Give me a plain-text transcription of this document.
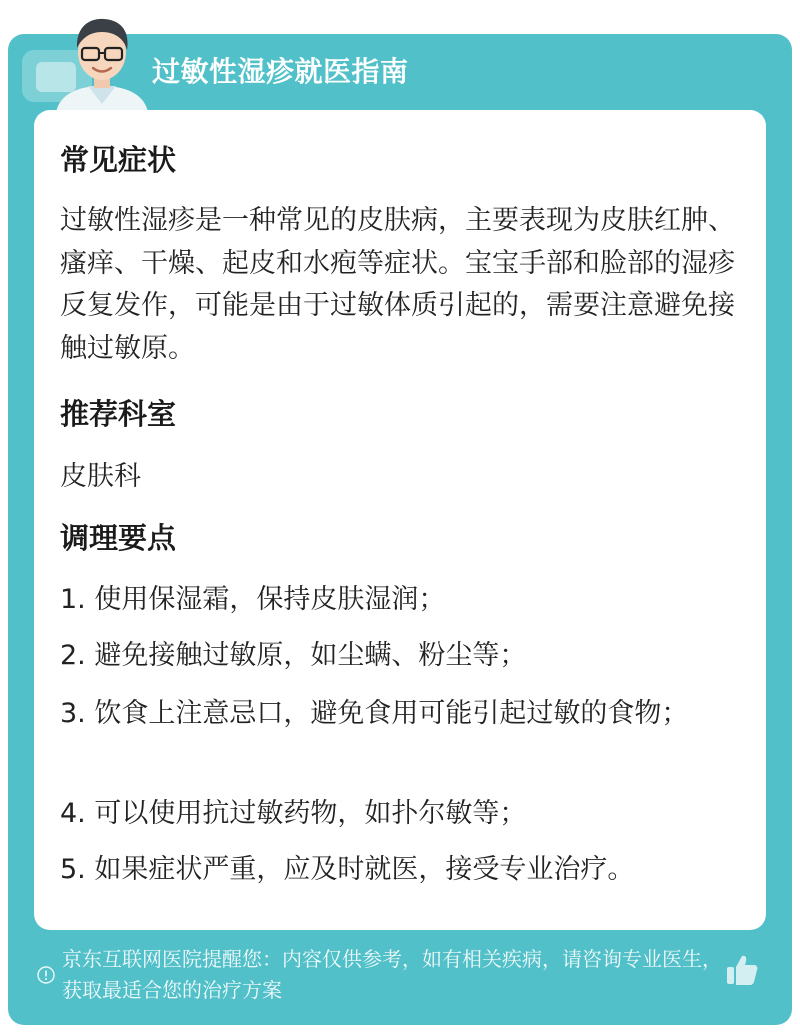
过敏性湿疹就医指南
常见症状
过敏性湿疹是一种常见的皮肤病，主要表现为皮肤红肿、瘙痒、干燥、起皮和水疱等症状。宝宝手部和脸部的湿疹反复发作，可能是由于过敏体质引起的，需要注意避免接触过敏原。
推荐科室
皮肤科
调理要点
1. 使用保湿霜，保持皮肤湿润；
2. 避免接触过敏原，如尘螨、粉尘等；
3. 饮食上注意忌口，避免食用可能引起过敏的食物；
4. 可以使用抗过敏药物，如扑尔敏等；
5. 如果症状严重，应及时就医，接受专业治疗。
京东互联网医院提醒您：内容仅供参考，如有相关疾病，请咨询专业医生，获取最适合您的治疗方案
